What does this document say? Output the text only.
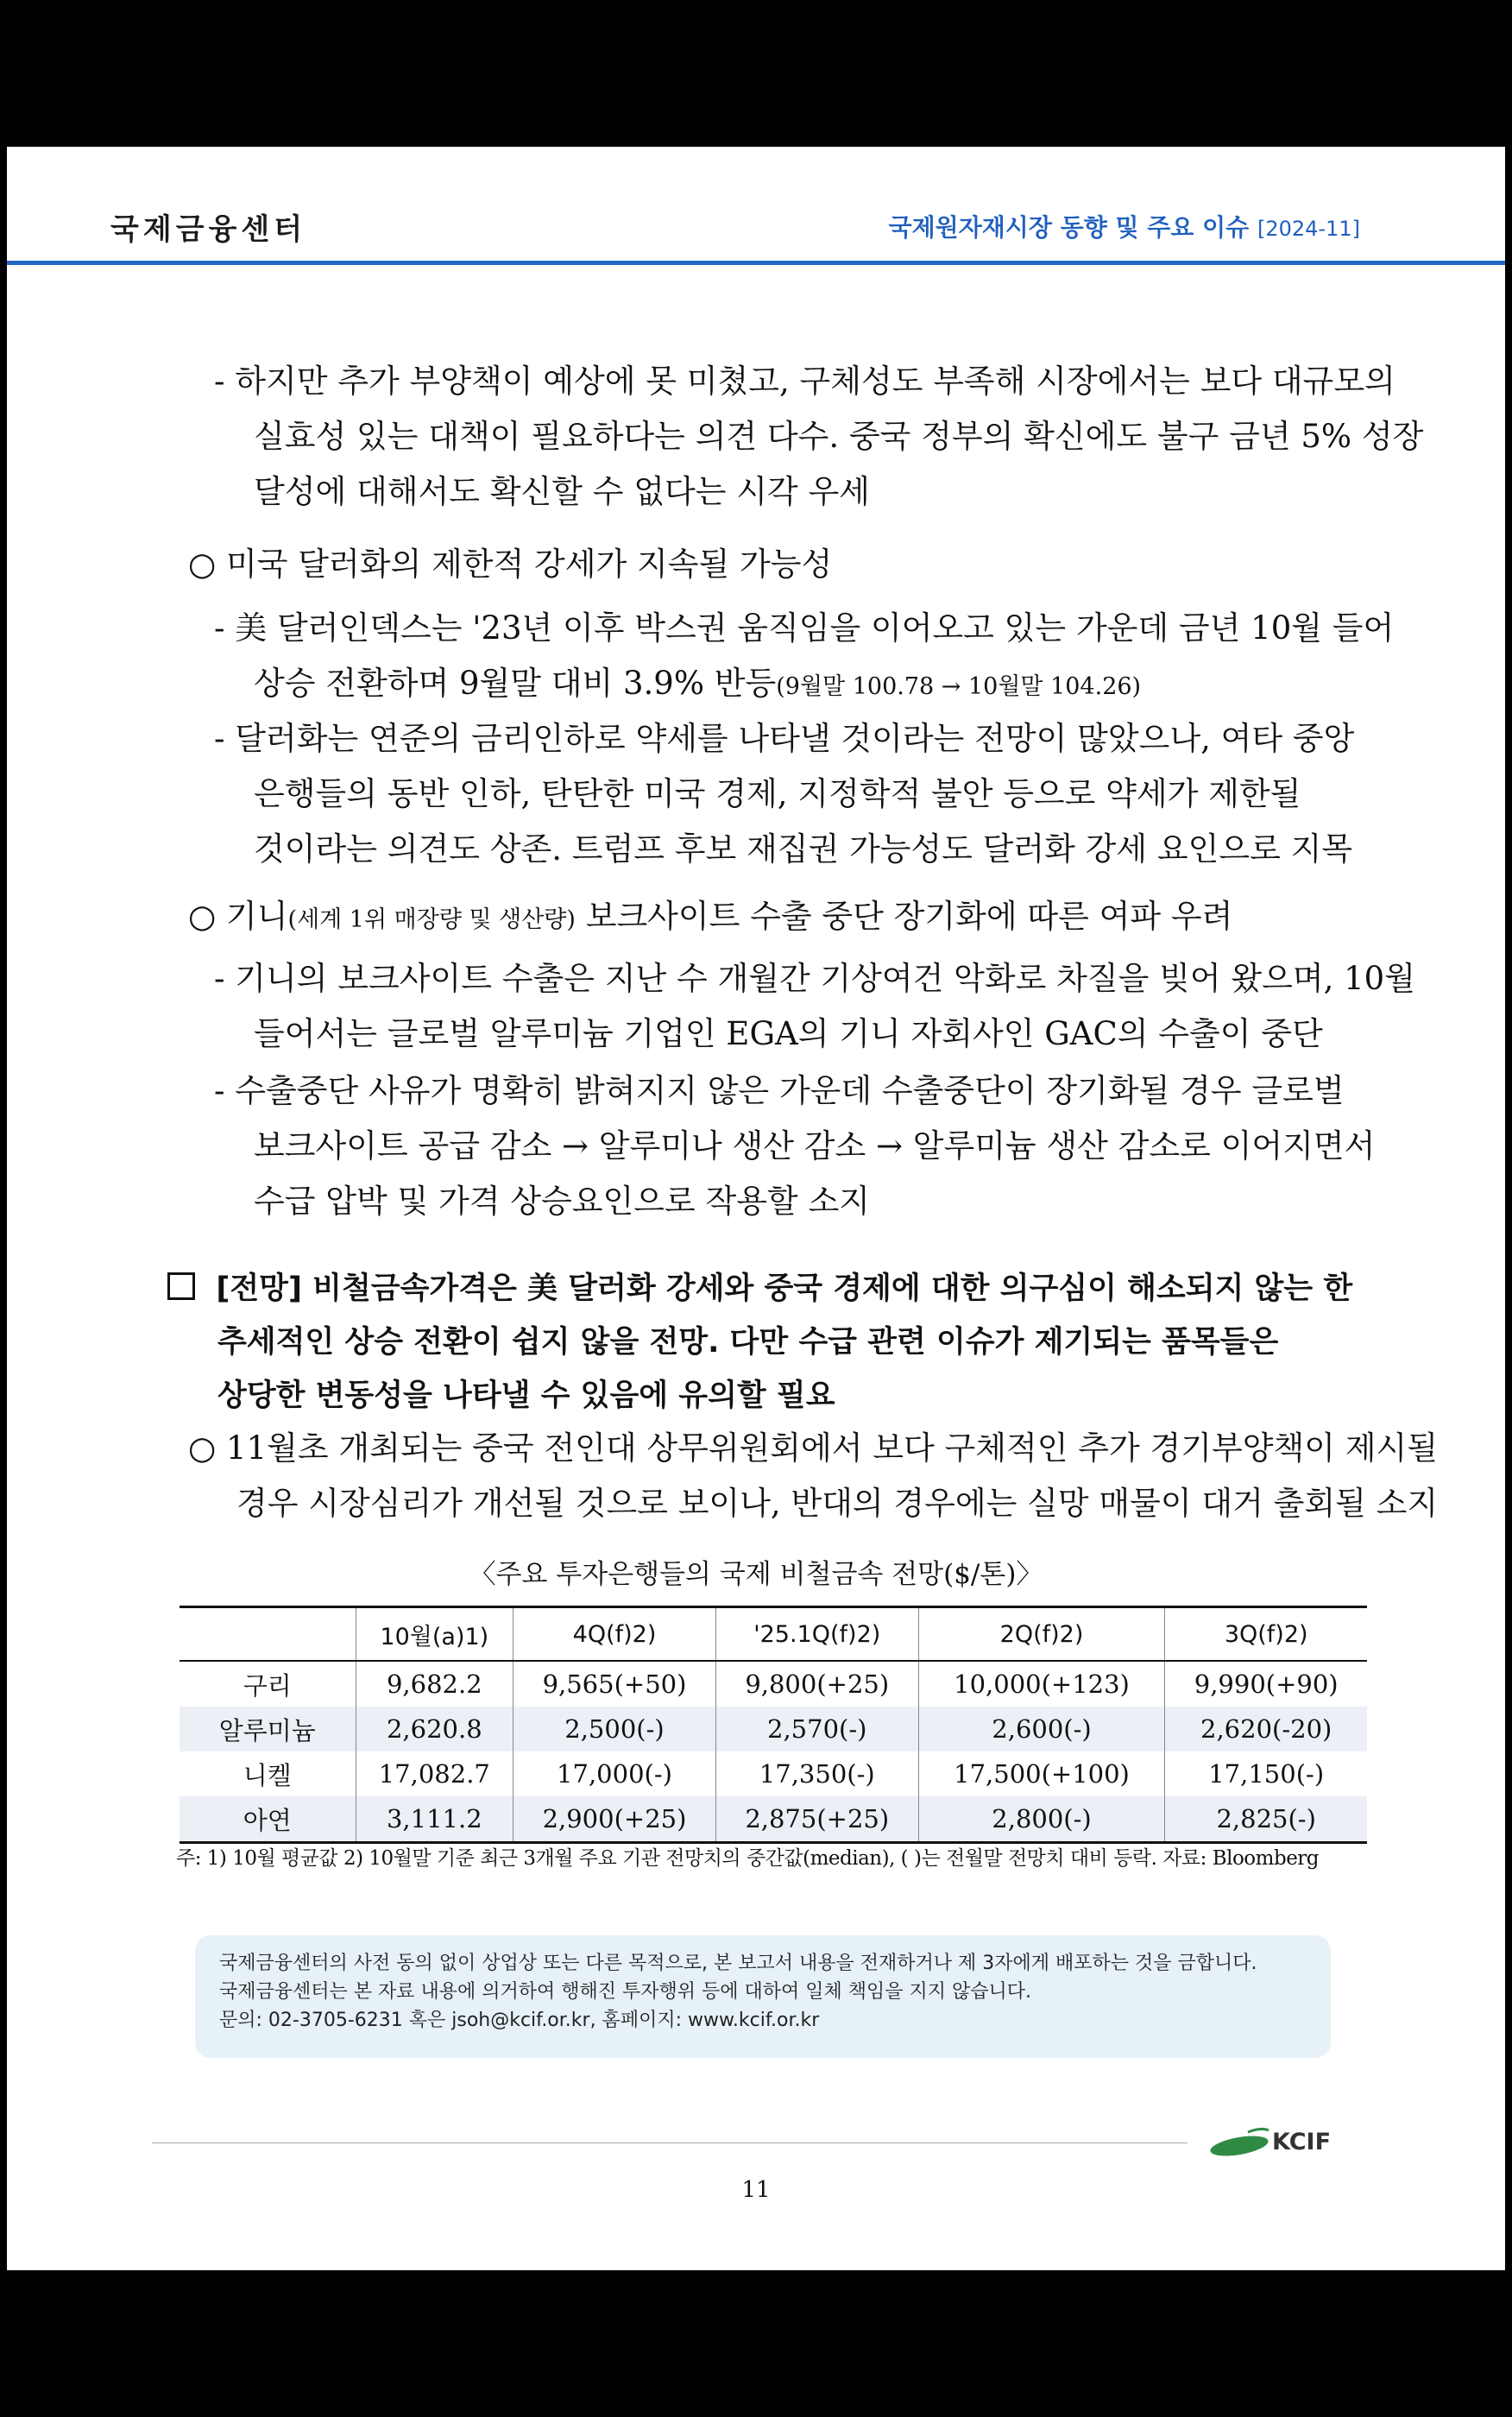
국제금융센터	국제원자재시장 동향 및 주요 이슈 [2024-11]
- 하지만 추가 부양책이 예상에 못 미쳤고, 구체성도 부족해 시장에서는 보다 대규모의
실효성 있는 대책이 필요하다는 의견 다수. 중국 정부의 확신에도 불구 금년 5% 성장
달성에 대해서도 확신할 수 없다는 시각 우세
○ 미국 달러화의 제한적 강세가 지속될 가능성
- 美 달러인덱스는 '23년 이후 박스권 움직임을 이어오고 있는 가운데 금년 10월 들어
상승 전환하며 9월말 대비 3.9% 반등(9월말 100.78 → 10월말 104.26)
- 달러화는 연준의 금리인하로 약세를 나타낼 것이라는 전망이 많았으나, 여타 중앙
은행들의 동반 인하, 탄탄한 미국 경제, 지정학적 불안 등으로 약세가 제한될
것이라는 의견도 상존. 트럼프 후보 재집권 가능성도 달러화 강세 요인으로 지목
○ 기니(세계 1위 매장량 및 생산량) 보크사이트 수출 중단 장기화에 따른 여파 우려
- 기니의 보크사이트 수출은 지난 수 개월간 기상여건 악화로 차질을 빚어 왔으며, 10월
들어서는 글로벌 알루미늄 기업인 EGA의 기니 자회사인 GAC의 수출이 중단
- 수출중단 사유가 명확히 밝혀지지 않은 가운데 수출중단이 장기화될 경우 글로벌
보크사이트 공급 감소 → 알루미나 생산 감소 → 알루미늄 생산 감소로 이어지면서
수급 압박 및 가격 상승요인으로 작용할 소지
[전망] 비철금속가격은 美 달러화 강세와 중국 경제에 대한 의구심이 해소되지 않는 한
추세적인 상승 전환이 쉽지 않을 전망. 다만 수급 관련 이슈가 제기되는 품목들은
상당한 변동성을 나타낼 수 있음에 유의할 필요
○ 11월초 개최되는 중국 전인대 상무위원회에서 보다 구체적인 추가 경기부양책이 제시될
경우 시장심리가 개선될 것으로 보이나, 반대의 경우에는 실망 매물이 대거 출회될 소지
〈주요 투자은행들의 국제 비철금속 전망($/톤)〉
	10월(a)1)	4Q(f)2)	'25.1Q(f)2)	2Q(f)2)	3Q(f)2)
구리	9,682.2	9,565(+50)	9,800(+25)	10,000(+123)	9,990(+90)
알루미늄	2,620.8	2,500(-)	2,570(-)	2,600(-)	2,620(-20)
니켈	17,082.7	17,000(-)	17,350(-)	17,500(+100)	17,150(-)
아연	3,111.2	2,900(+25)	2,875(+25)	2,800(-)	2,825(-)
주: 1) 10월 평균값 2) 10월말 기준 최근 3개월 주요 기관 전망치의 중간값(median), ( )는 전월말 전망치 대비 등락. 자료: Bloomberg
국제금융센터의 사전 동의 없이 상업상 또는 다른 목적으로, 본 보고서 내용을 전재하거나 제 3자에게 배포하는 것을 금합니다.
국제금융센터는 본 자료 내용에 의거하여 행해진 투자행위 등에 대하여 일체 책임을 지지 않습니다.
문의: 02-3705-6231 혹은 jsoh@kcif.or.kr, 홈페이지: www.kcif.or.kr
KCIF
11
